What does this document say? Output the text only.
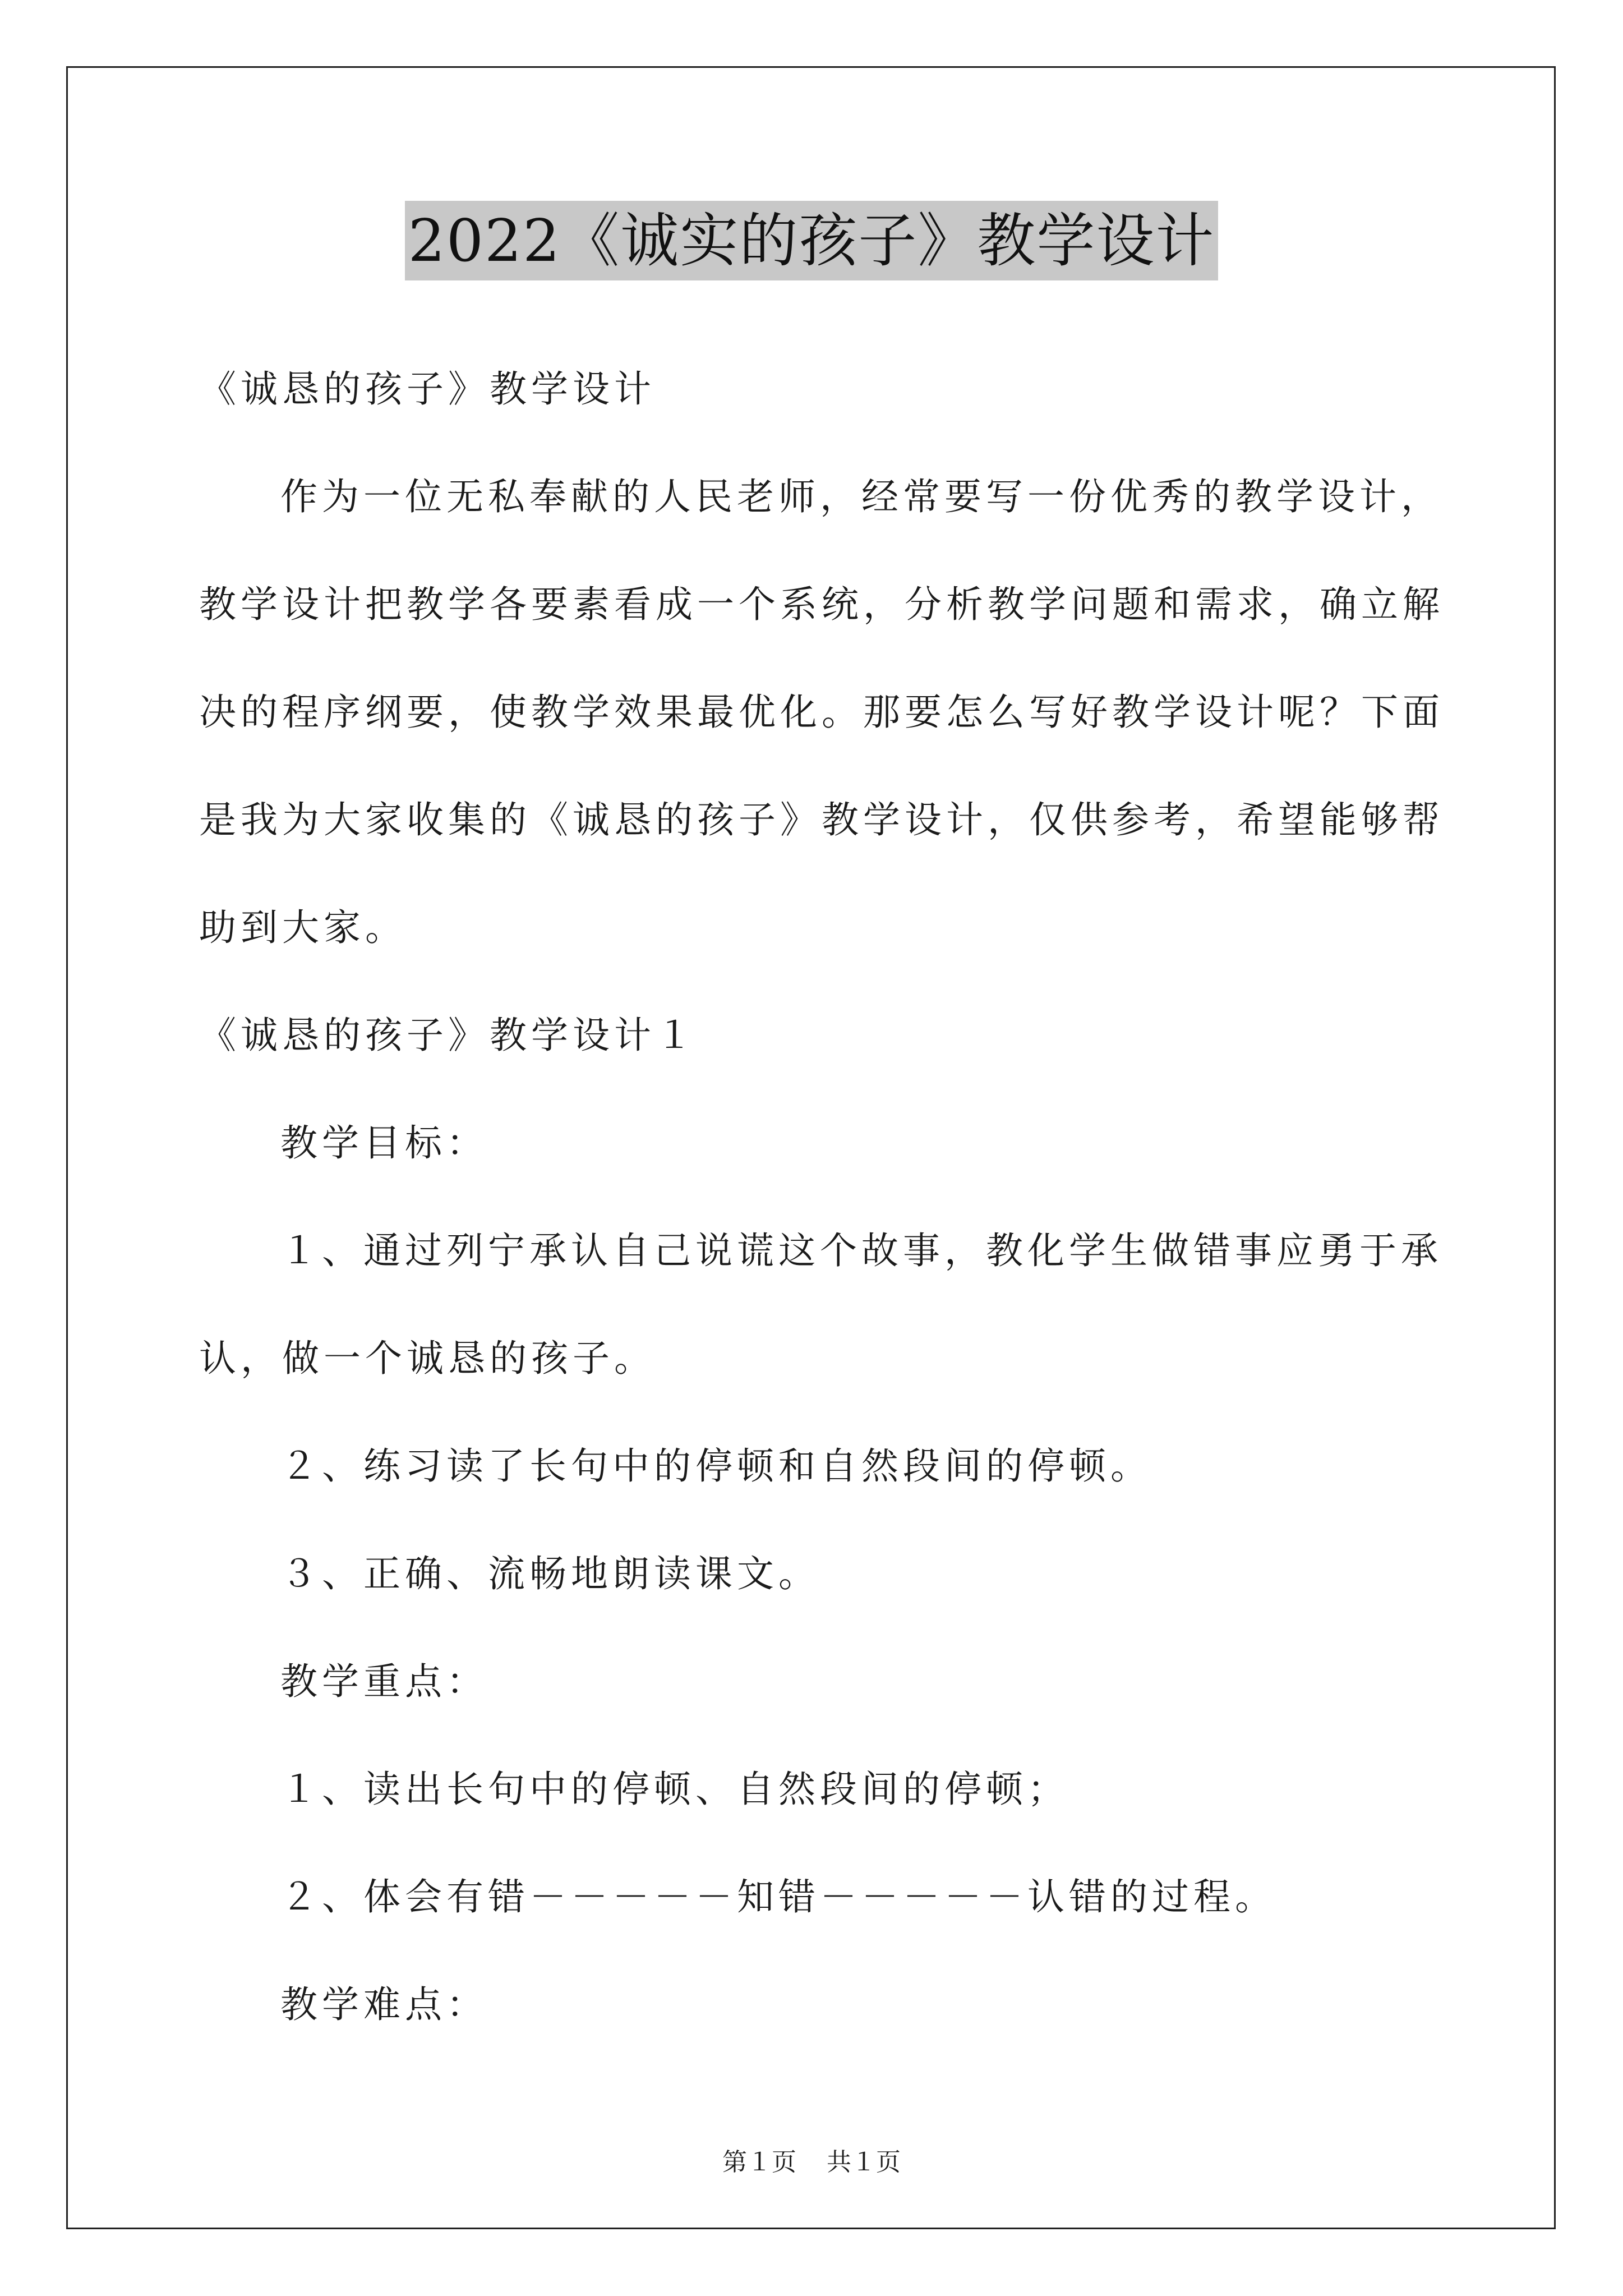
2022《诚实的孩子》教学设计

《诚恳的孩子》教学设计

作为一位无私奉献的人民老师，经常要写一份优秀的教学设计，
教学设计把教学各要素看成一个系统，分析教学问题和需求，确立解
决的程序纲要，使教学效果最优化。那要怎么写好教学设计呢？下面
是我为大家收集的《诚恳的孩子》教学设计，仅供参考，希望能够帮
助到大家。

《诚恳的孩子》教学设计１

教学目标：

１、通过列宁承认自己说谎这个故事，教化学生做错事应勇于承

认，做一个诚恳的孩子。

２、练习读了长句中的停顿和自然段间的停顿。

３、正确、流畅地朗读课文。

教学重点：

１、读出长句中的停顿、自然段间的停顿；

２、体会有错－－－－－知错－－－－－认错的过程。

教学难点：

第１页 共１页
